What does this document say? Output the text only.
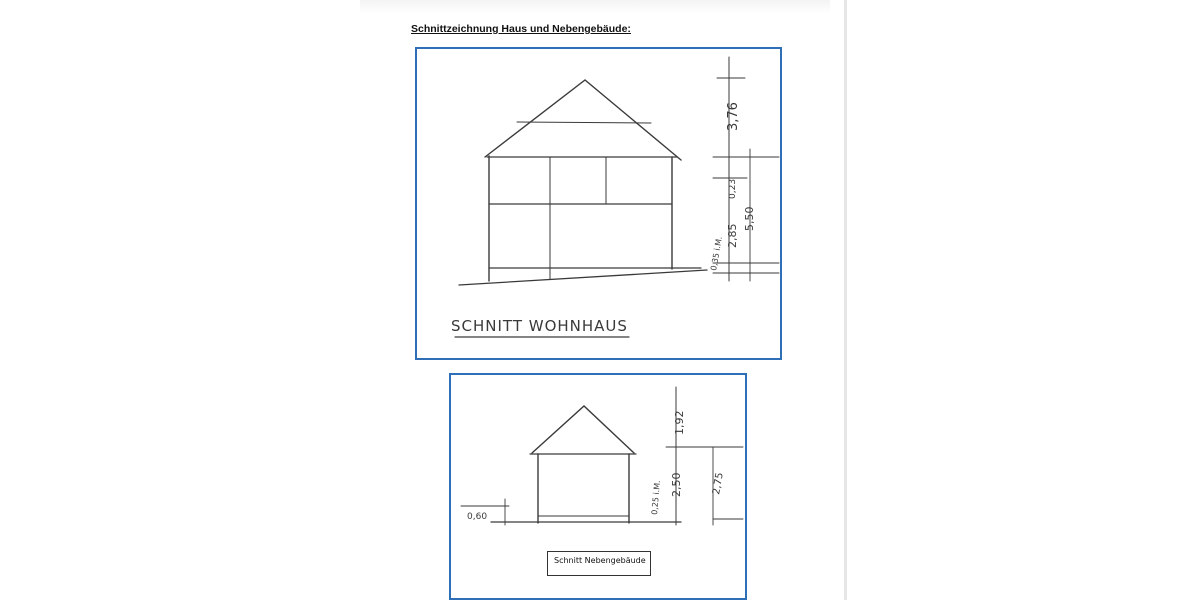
Schnittzeichnung Haus und Nebengebäude:
3,76
0,23
2,85
5,50
0,35 i.M.
SCHNITT WOHNHAUS
1,92
2,50	2,75
0,25 i.M.
0,60
Schnitt Nebengebäude
